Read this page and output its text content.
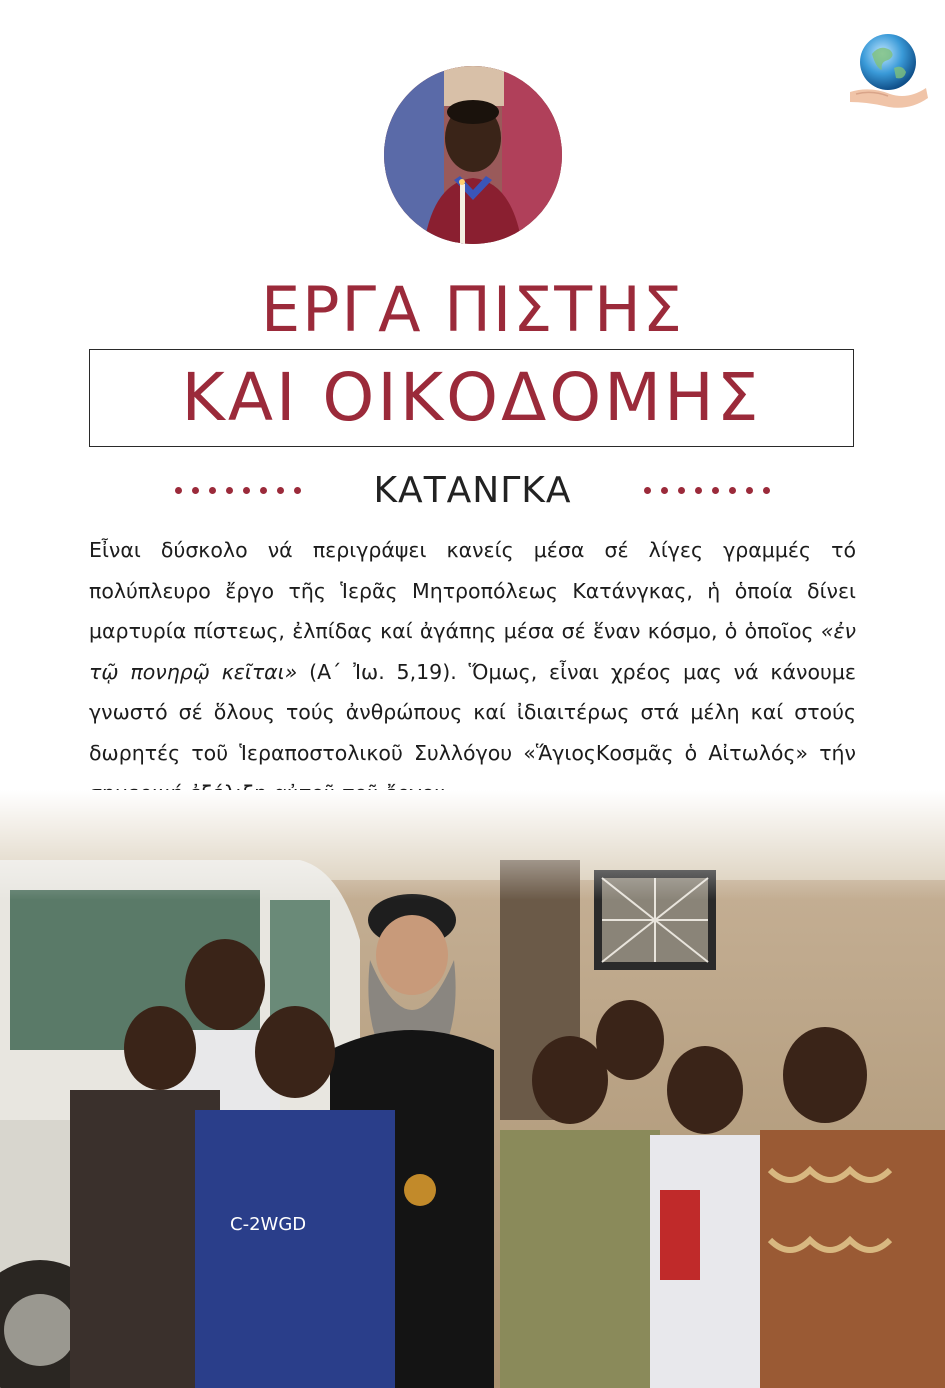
ΕΡΓΑ ΠΙΣΤΗΣ
ΚΑΙ ΟΙΚΟΔΟΜΗΣ
ΚΑΤΑΝΓΚΑ
Εἶναι δύσκολο νά περιγράψει κανείς μέσα σέ λίγες γραμμές τό πολύπλευρο ἔργο τῆς Ἱερᾶς Μητροπόλεως Κατάνγκας, ἡ ὁποία δίνει μαρτυρία πίστεως, ἐλπίδας καί ἀγάπης μέσα σέ ἕναν κόσμο, ὁ ὁποῖος «ἐν τῷ πονηρῷ κεῖται» (Α΄ Ἰω. 5,19). Ὅμως, εἶναι χρέος μας νά κάνουμε γνωστό σέ ὅλους τούς ἀνθρώπους καί ἰδιαιτέρως στά μέλη καί στούς δωρητές τοῦ Ἱεραποστολικοῦ Συλλόγου «ἍγιοςΚοσμᾶς ὁ Αἰτωλός» τήν
C-2WGD
